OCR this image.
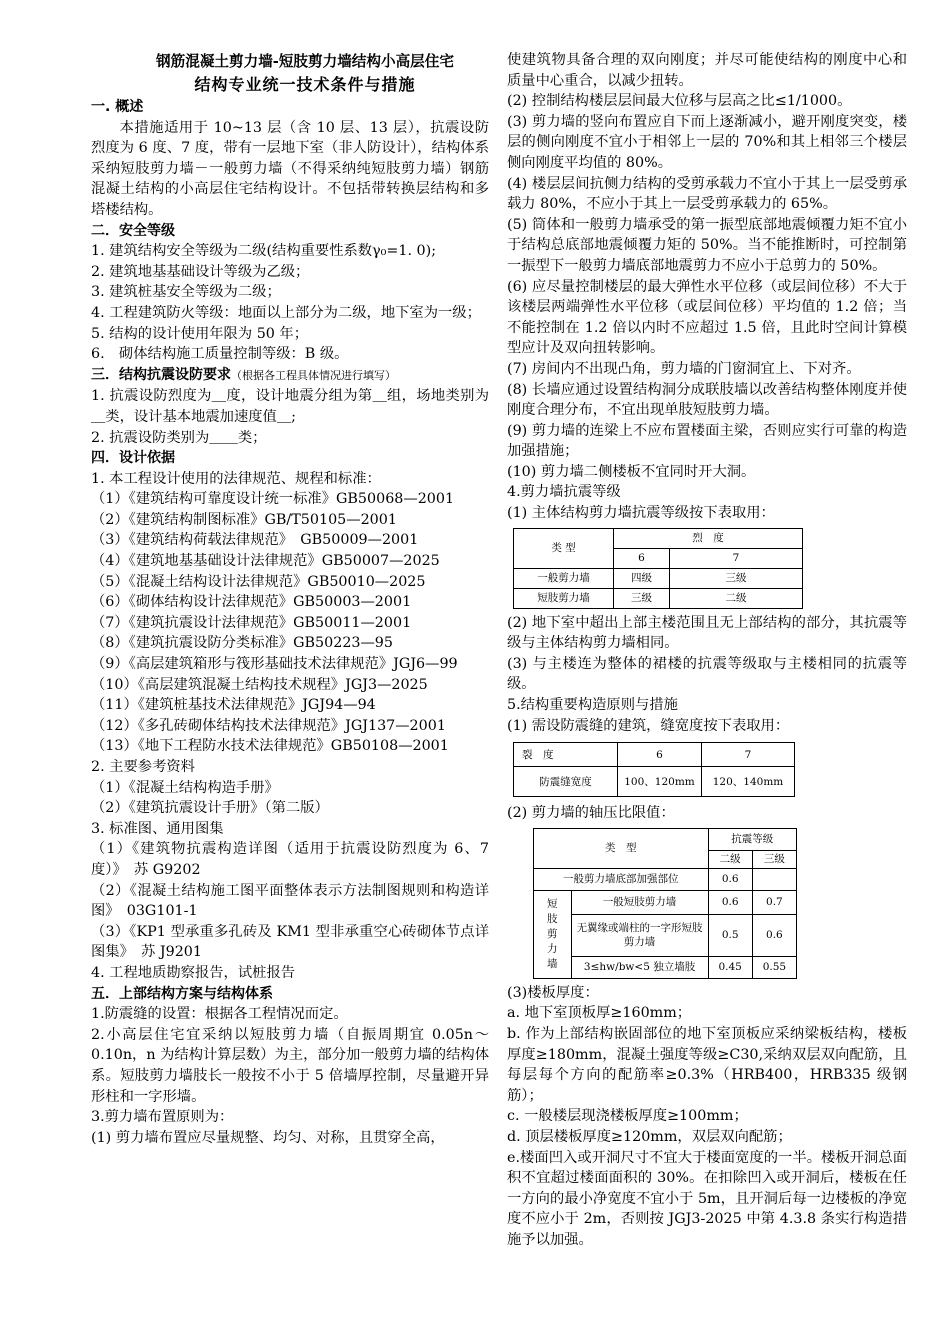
钢筋混凝土剪力墙-短肢剪力墙结构小高层住宅
结构专业统一技术条件与措施
一. 概述
本措施适用于 10~13 层（含 10 层、13 层），抗震设防烈度为 6 度、7 度，带有一层地下室（非人防设计），结构体系采纳短肢剪力墙－一般剪力墙（不得采纳纯短肢剪力墙）钢筋混凝土结构的小高层住宅结构设计。不包括带转换层结构和多塔楼结构。
二．安全等级
1. 建筑结构安全等级为二级(结构重要性系数γ₀=1. 0);
2. 建筑地基基础设计等级为乙级；
3. 建筑桩基安全等级为二级；
4. 工程建筑防火等级：地面以上部分为二级，地下室为一级；
5. 结构的设计使用年限为 50 年；
6.　砌体结构施工质量控制等级：B 级。
三．结构抗震设防要求（根据各工程具体情况进行填写）
1. 抗震设防烈度为＿度，设计地震分组为第＿组，场地类别为＿类，设计基本地震加速度值＿;
2. 抗震设防类别为＿＿类；
四．设计依据
1. 本工程设计使用的法律规范、规程和标准：
（1）《建筑结构可靠度设计统一标准》GB50068—2001
（2）《建筑结构制图标准》GB/T50105—2001
（3）《建筑结构荷载法律规范》　GB50009—2001
（4）《建筑地基基础设计法律规范》GB50007—2025
（5）《混凝土结构设计法律规范》GB50010—2025
（6）《砌体结构设计法律规范》GB50003—2001
（7）《建筑抗震设计法律规范》GB50011—2001
（8）《建筑抗震设防分类标准》GB50223—95
（9）《高层建筑箱形与筏形基础技术法律规范》JGJ6—99
（10）《高层建筑混凝土结构技术规程》JGJ3—2025
（11）《建筑桩基技术法律规范》JGJ94—94
（12）《多孔砖砌体结构技术法律规范》JGJ137—2001
（13）《地下工程防水技术法律规范》GB50108—2001
2. 主要参考资料
（1）《混凝土结构构造手册》
（2）《建筑抗震设计手册》（第二版）
3. 标准图、通用图集
（1）《建筑物抗震构造详图（适用于抗震设防烈度为 6、7 度）》　苏 G9202
（2）《混凝土结构施工图平面整体表示方法制图规则和构造详图》　03G101-1
（3）《KP1 型承重多孔砖及 KM1 型非承重空心砖砌体节点详图集》　苏 J9201
4. 工程地质勘察报告，试桩报告
五．上部结构方案与结构体系
1.防震缝的设置：根据各工程情况而定。
2.小高层住宅宜采纳以短肢剪力墙（自振周期宜 0.05n～0.10n，n 为结构计算层数）为主，部分加一般剪力墙的结构体系。短肢剪力墙肢长一般按不小于 5 倍墙厚控制，尽量避开异形柱和一字形墙。
3.剪力墙布置原则为：
(1) 剪力墙布置应尽量规整、均匀、对称，且贯穿全高，
使建筑物具备合理的双向刚度；并尽可能使结构的刚度中心和质量中心重合，以减少扭转。
(2) 控制结构楼层层间最大位移与层高之比≤1/1000。
(3) 剪力墙的竖向布置应自下而上逐渐减小，避开刚度突变，楼层的侧向刚度不宜小于相邻上一层的 70%和其上相邻三个楼层侧向刚度平均值的 80%。
(4) 楼层层间抗侧力结构的受剪承载力不宜小于其上一层受剪承载力 80%，不应小于其上一层受剪承载力的 65%。
(5) 筒体和一般剪力墙承受的第一振型底部地震倾覆力矩不宜小于结构总底部地震倾覆力矩的 50%。当不能推断时，可控制第一振型下一般剪力墙底部地震剪力不应小于总剪力的 50%。
(6) 应尽量控制楼层的最大弹性水平位移（或层间位移）不大于该楼层两端弹性水平位移（或层间位移）平均值的 1.2 倍；当不能控制在 1.2 倍以内时不应超过 1.5 倍，且此时空间计算模型应计及双向扭转影响。
(7) 房间内不出现凸角，剪力墙的门窗洞宜上、下对齐。
(8) 长墙应通过设置结构洞分成联肢墙以改善结构整体刚度并使刚度合理分布，不宜出现单肢短肢剪力墙。
(9) 剪力墙的连梁上不应布置楼面主梁，否则应实行可靠的构造加强措施；
(10) 剪力墙二侧楼板不宜同时开大洞。
4.剪力墙抗震等级
(1) 主体结构剪力墙抗震等级按下表取用：
类 型	烈　度	
	6	7
一般剪力墙	四级	三级
短肢剪力墙	三级	二级
(2) 地下室中超出上部主楼范围且无上部结构的部分，其抗震等级与主体结构剪力墙相同。
(3) 与主楼连为整体的裙楼的抗震等级取与主楼相同的抗震等级。
5.结构重要构造原则与措施
(1) 需设防震缝的建筑，缝宽度按下表取用：
裂　度	6	7
防震缝宽度	100、120mm	120、140mm
(2) 剪力墙的轴压比限值：
类　型		抗震等级	
		二级	三级
一般剪力墙底部加强部位		0.6	

短
肢
剪
力
墙	一般短肢剪力墙	0.6	0.7
	无翼缘或端柱的一字形短肢剪力墙	0.5	0.6
	3≤hw/bw<5 独立墙肢	0.45	0.55
(3)楼板厚度：
a. 地下室顶板厚≥160mm；
b. 作为上部结构嵌固部位的地下室顶板应采纳梁板结构，楼板厚度≥180mm，混凝土强度等级≥C30,采纳双层双向配筋，且每层每个方向的配筋率≥0.3%（HRB400，HRB335 级钢筋）；
c. 一般楼层现浇楼板厚度≥100mm；
d. 顶层楼板厚度≥120mm，双层双向配筋；
e.楼面凹入或开洞尺寸不宜大于楼面宽度的一半。楼板开洞总面积不宜超过楼面面积的 30%。在扣除凹入或开洞后，楼板在任一方向的最小净宽度不宜小于 5m，且开洞后每一边楼板的净宽度不应小于 2m，否则按 JGJ3-2025 中第 4.3.8 条实行构造措施予以加强。
